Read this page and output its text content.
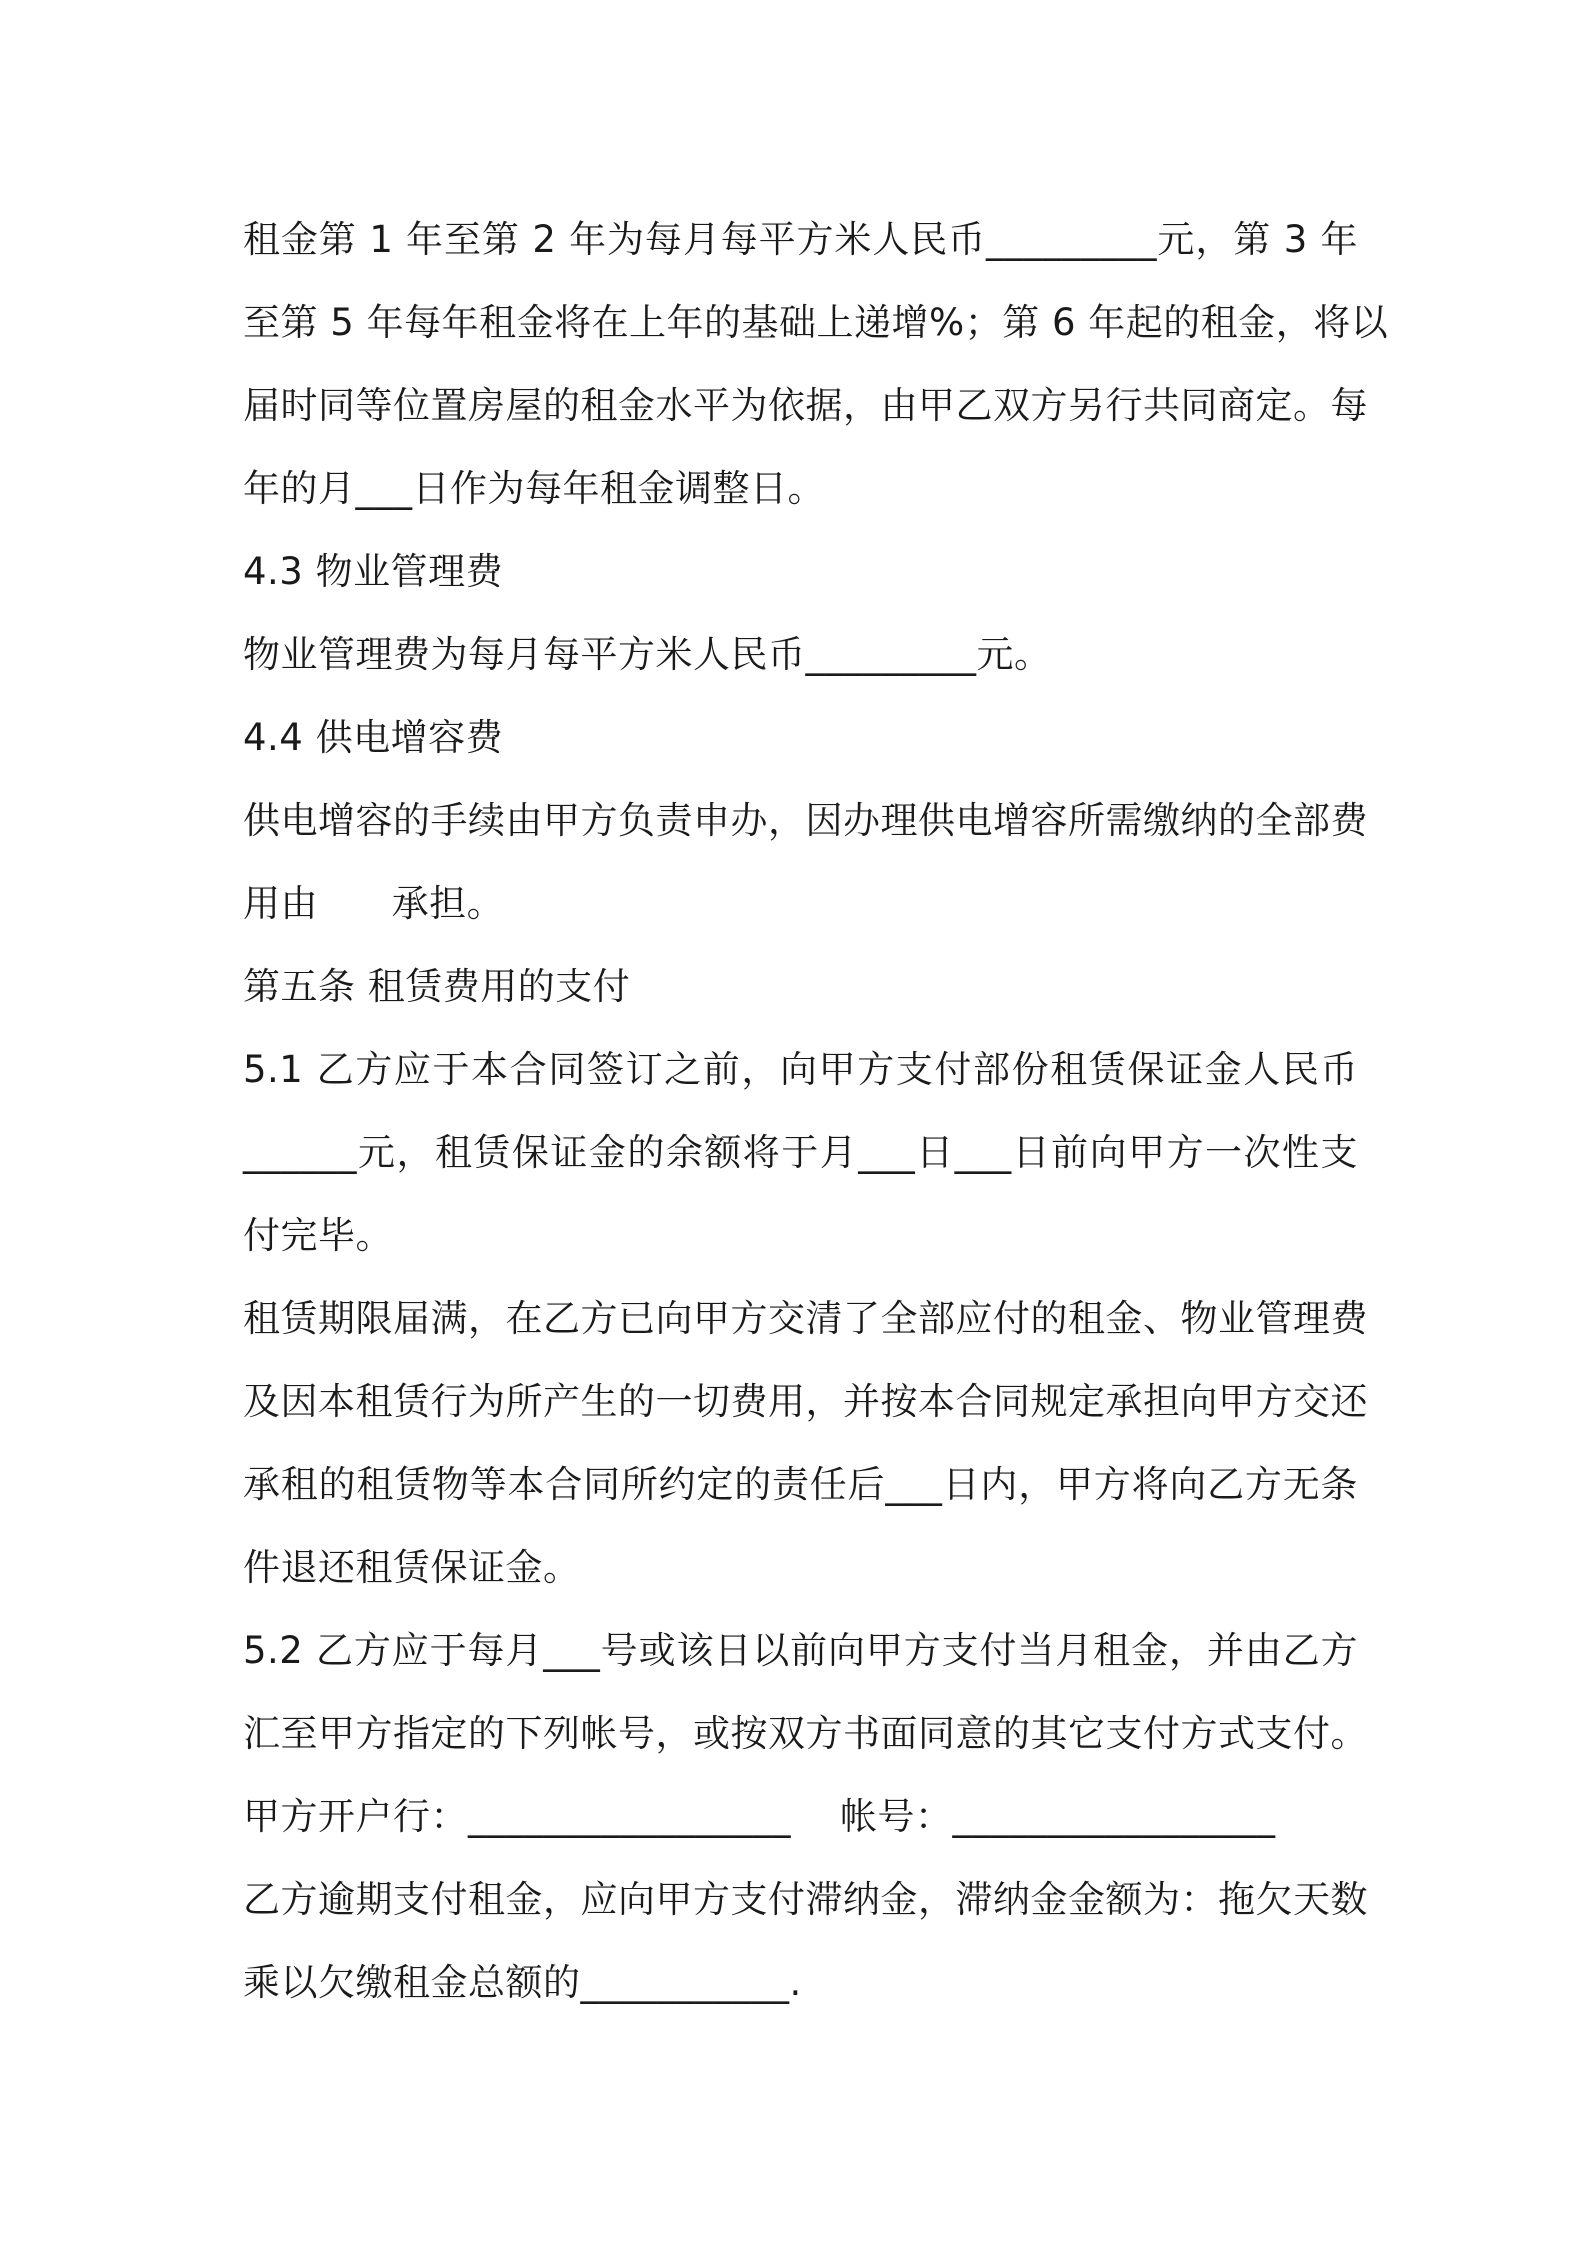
租金第 1 年至第 2 年为每月每平方米人民币_________元，第 3 年
至第 5 年每年租金将在上年的基础上递增%；第 6 年起的租金，将以
届时同等位置房屋的租金水平为依据，由甲乙双方另行共同商定。每
年的月___日作为每年租金调整日。
4.3 物业管理费
物业管理费为每月每平方米人民币_________元。
4.4 供电增容费
供电增容的手续由甲方负责申办，因办理供电增容所需缴纳的全部费
用由      承担。
第五条 租赁费用的支付
5.1 乙方应于本合同签订之前，向甲方支付部份租赁保证金人民币
______元，租赁保证金的余额将于月___日___日前向甲方一次性支
付完毕。
租赁期限届满，在乙方已向甲方交清了全部应付的租金、物业管理费
及因本租赁行为所产生的一切费用，并按本合同规定承担向甲方交还
承租的租赁物等本合同所约定的责任后___日内，甲方将向乙方无条
件退还租赁保证金。
5.2 乙方应于每月___号或该日以前向甲方支付当月租金，并由乙方
汇至甲方指定的下列帐号，或按双方书面同意的其它支付方式支付。
甲方开户行：_________________    帐号：_________________
乙方逾期支付租金，应向甲方支付滞纳金，滞纳金金额为：拖欠天数
乘以欠缴租金总额的___________.
